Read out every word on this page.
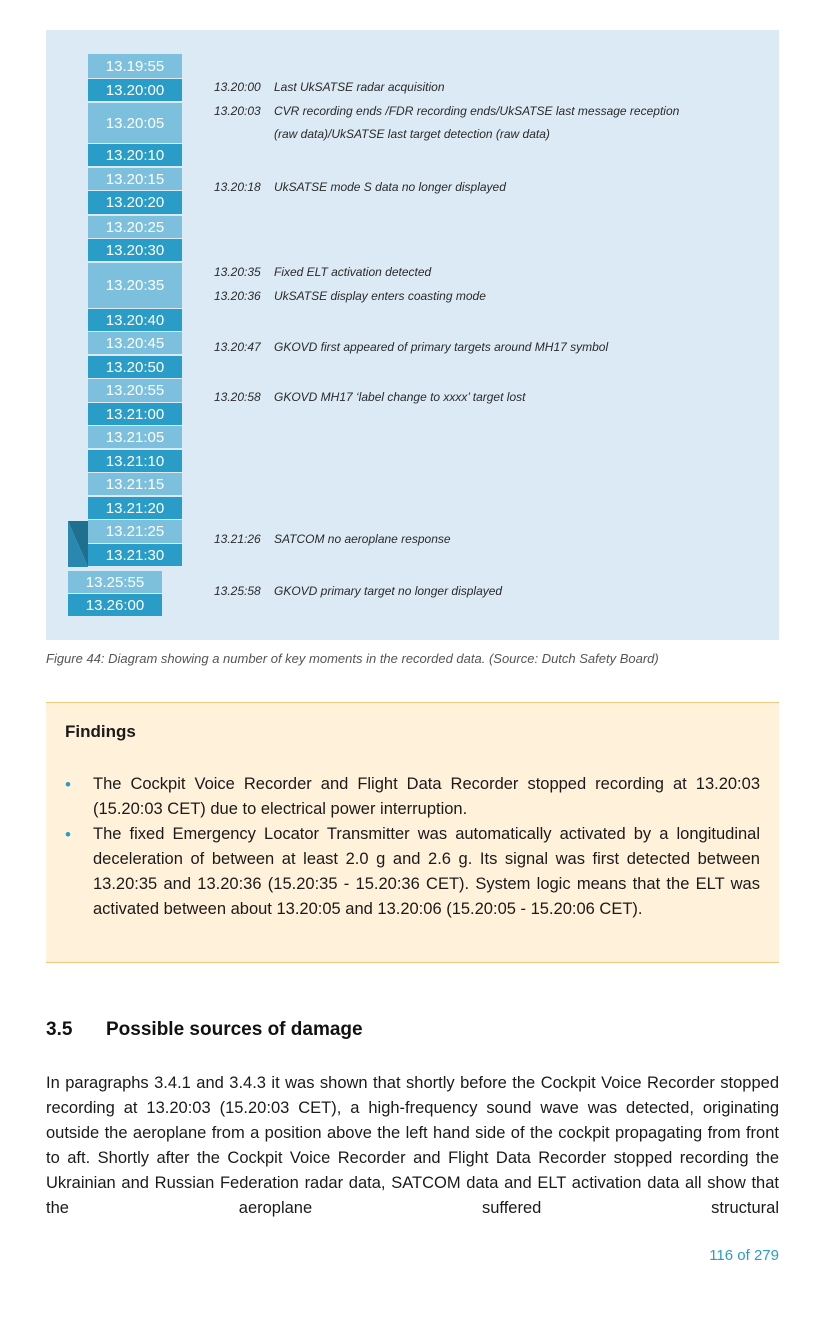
13.19:55
13.20:00
13.20:05
13.20:10
13.20:15
13.20:20
13.20:25
13.20:30
13.20:35
13.20:40
13.20:45
13.20:50
13.20:55
13.21:00
13.21:05
13.21:10
13.21:15
13.21:20
13.21:25
13.21:30
13.25:55
13.26:00
13.20:00 Last UkSATSE radar acquisition
13.20:03 CVR recording ends /FDR recording ends/UkSATSE last message reception
(raw data)/UkSATSE last target detection (raw data)
13.20:18 UkSATSE mode S data no longer displayed
13.20:35 Fixed ELT activation detected
13.20:36 UkSATSE display enters coasting mode
13.20:47 GKOVD first appeared of primary targets around MH17 symbol
13.20:58 GKOVD MH17 ‘label change to xxxx’ target lost
13.21:26 SATCOM no aeroplane response
13.25:58 GKOVD primary target no longer displayed
Figure 44: Diagram showing a number of key moments in the recorded data. (Source: Dutch Safety Board)
Findings
• The Cockpit Voice Recorder and Flight Data Recorder stopped recording at 13.20:03 (15.20:03 CET) due to electrical power interruption.
• The fixed Emergency Locator Transmitter was automatically activated by a longitudinal deceleration of between at least 2.0 g and 2.6 g. Its signal was first detected between 13.20:35 and 13.20:36 (15.20:35 - 15.20:36 CET). System logic means that the ELT was activated between about 13.20:05 and 13.20:06 (15.20:05 - 15.20:06 CET).
3.5 Possible sources of damage

In paragraphs 3.4.1 and 3.4.3 it was shown that shortly before the Cockpit Voice Recorder stopped recording at 13.20:03 (15.20:03 CET), a high-frequency sound wave was detected, originating outside the aeroplane from a position above the left hand side of the cockpit propagating from front to aft. Shortly after the Cockpit Voice Recorder and Flight Data Recorder stopped recording the Ukrainian and Russian Federation radar data, SATCOM data and ELT activation data all show that the aeroplane suffered structural

116 of 279
